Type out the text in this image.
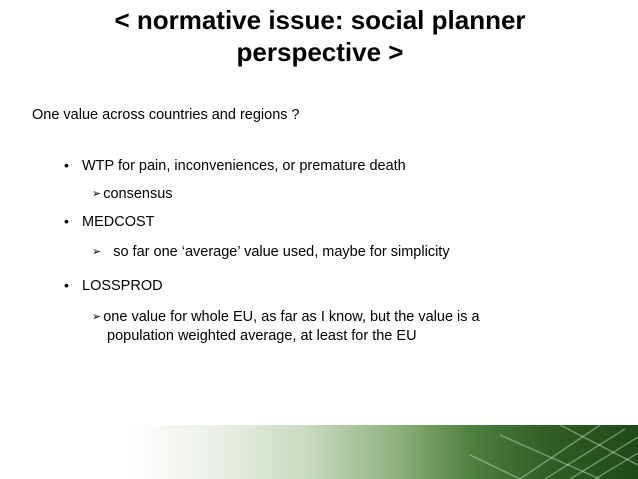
< normative issue: social planner
perspective >
One value across countries and regions ?
• WTP for pain, inconveniences, or premature death
➢ consensus
• MEDCOST
➢ so far one ‘average’ value used, maybe for simplicity
• LOSSPROD
➢ one value for whole EU, as far as I know, but the value is a
population weighted average, at least for the EU
